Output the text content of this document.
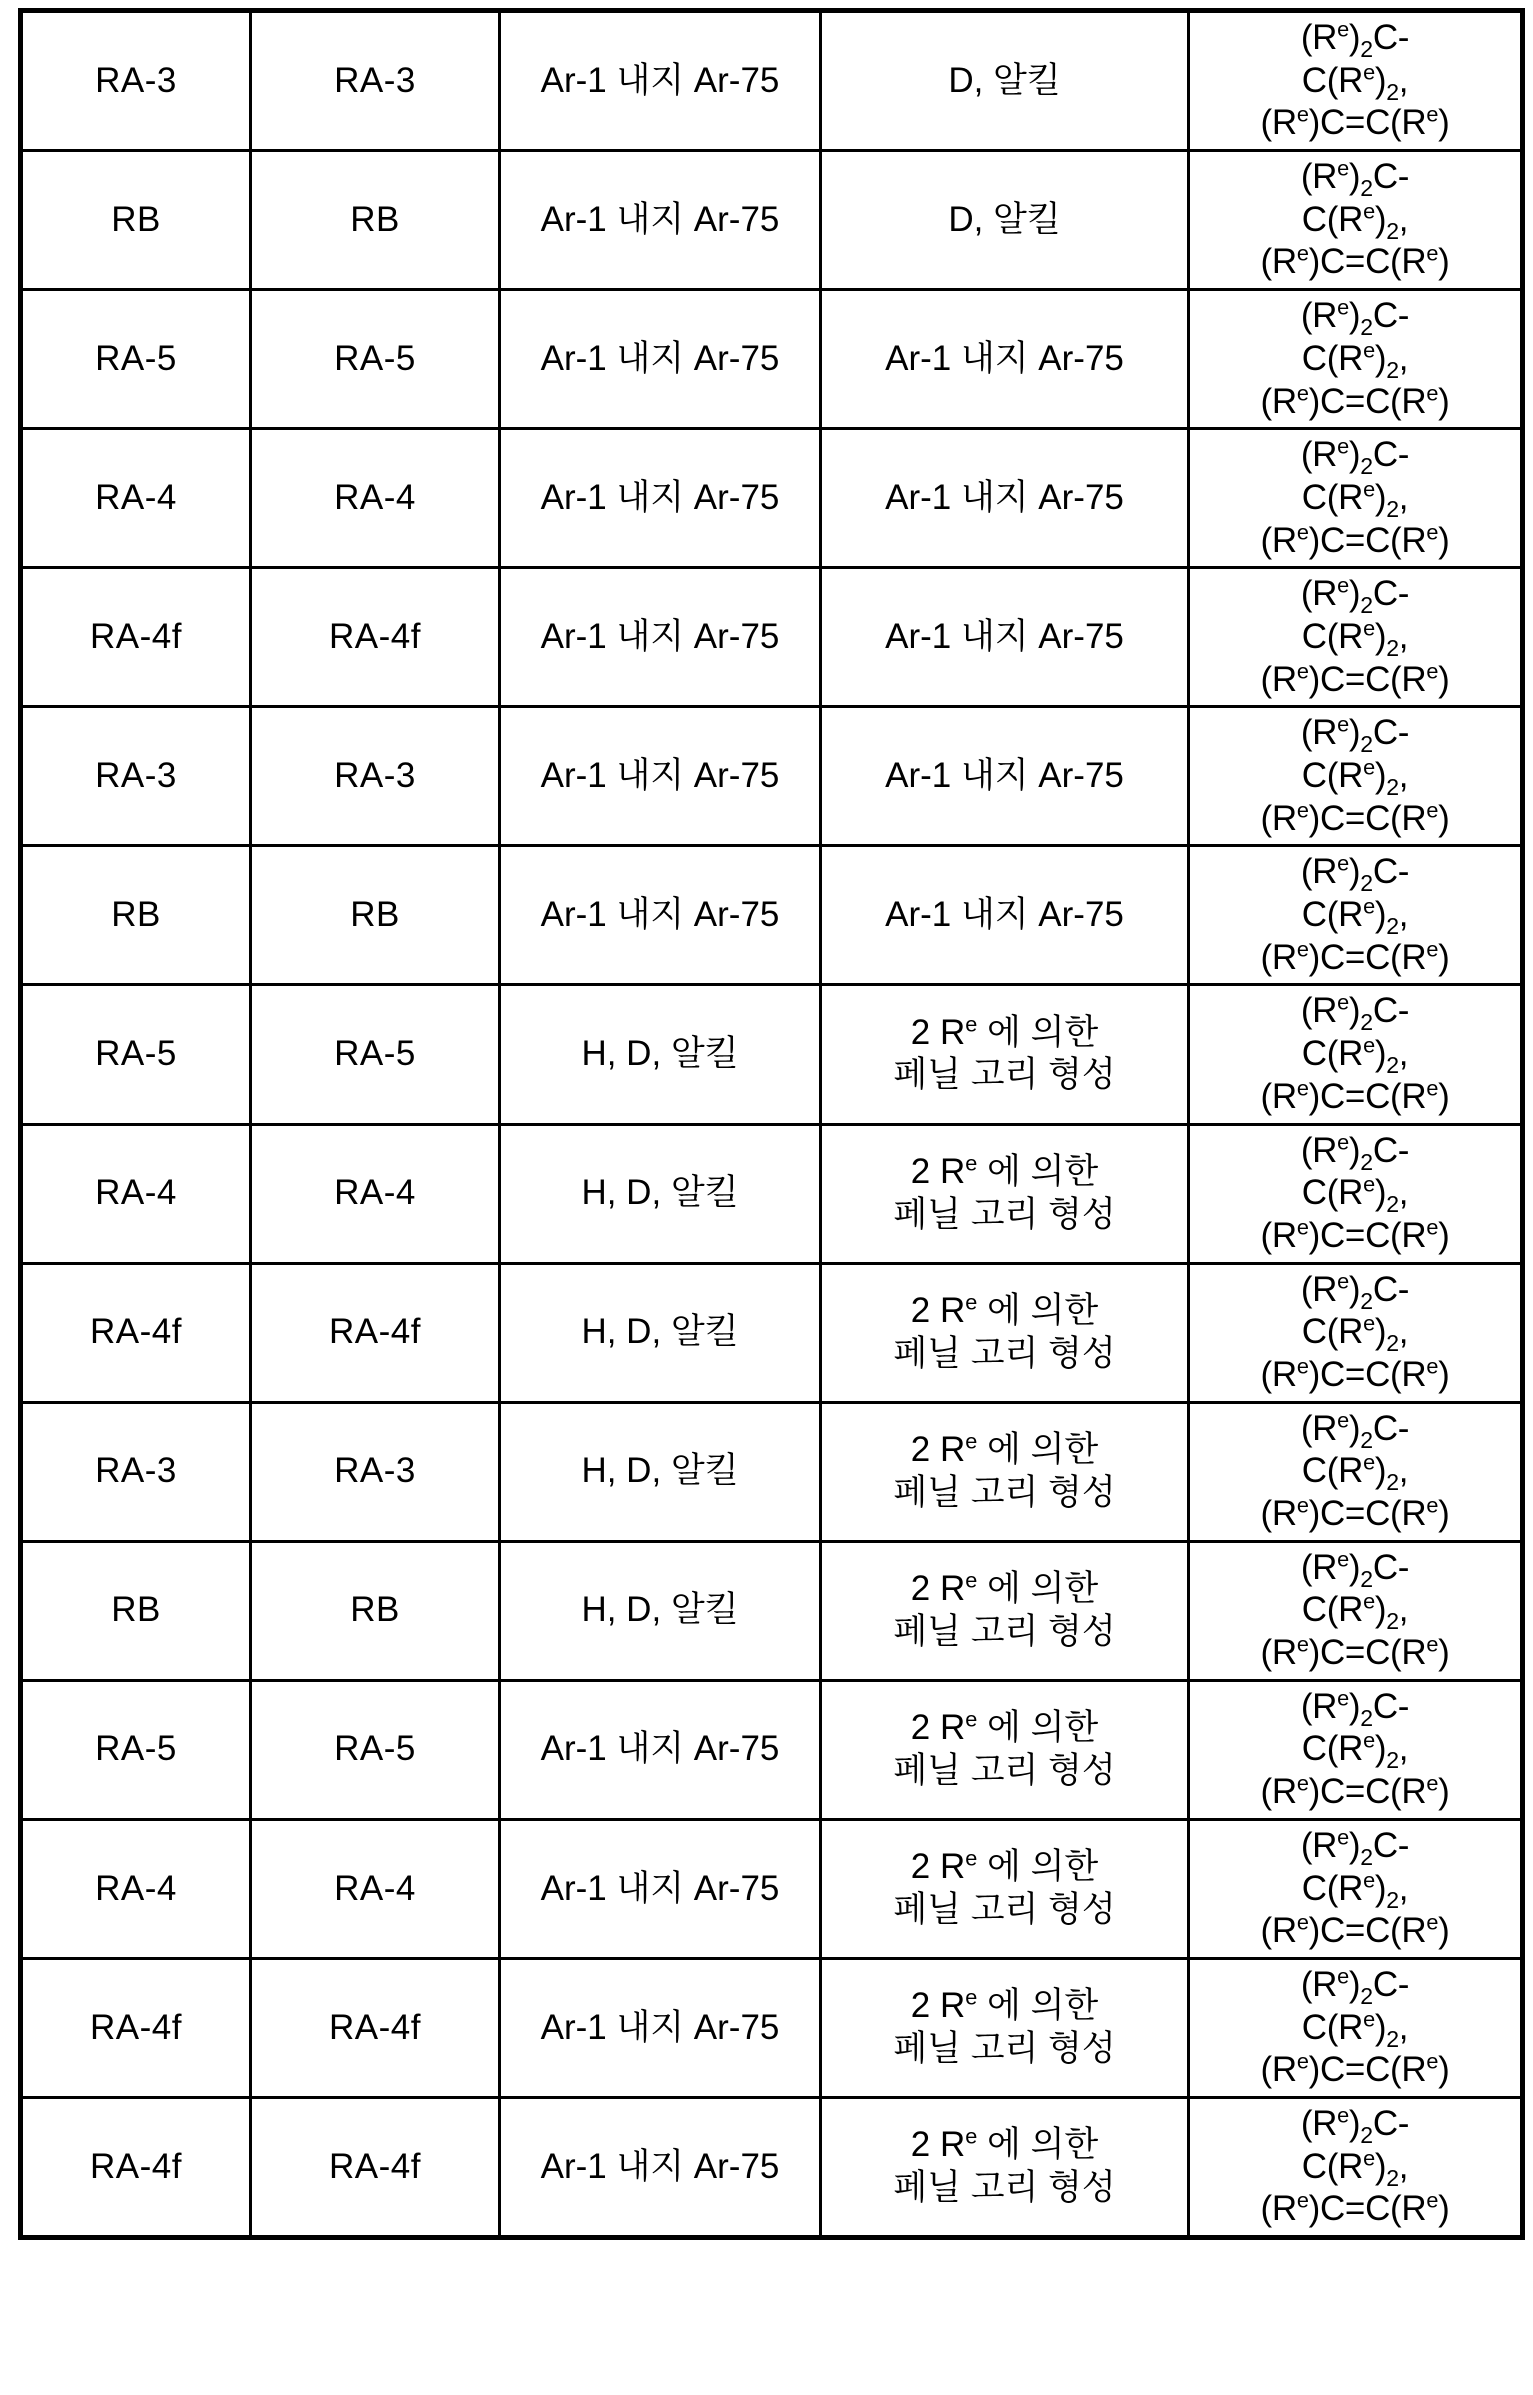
RA-3	RA-3	Ar-1 내지 Ar-75	D, 알킬	$(R^e)_2C-$
$C(R^e)_2$,
$(R^e)C=C(R^e)$

RB	RB	Ar-1 내지 Ar-75	D, 알킬	$(R^e)_2C-$
$C(R^e)_2$,
$(R^e)C=C(R^e)$

RA-5	RA-5	Ar-1 내지 Ar-75	Ar-1 내지 Ar-75	$(R^e)_2C-$
$C(R^e)_2$,
$(R^e)C=C(R^e)$

RA-4	RA-4	Ar-1 내지 Ar-75	Ar-1 내지 Ar-75	$(R^e)_2C-$
$C(R^e)_2$,
$(R^e)C=C(R^e)$

RA-4f	RA-4f	Ar-1 내지 Ar-75	Ar-1 내지 Ar-75	$(R^e)_2C-$
$C(R^e)_2$,
$(R^e)C=C(R^e)$

RA-3	RA-3	Ar-1 내지 Ar-75	Ar-1 내지 Ar-75	$(R^e)_2C-$
$C(R^e)_2$,
$(R^e)C=C(R^e)$

RB	RB	Ar-1 내지 Ar-75	Ar-1 내지 Ar-75	$(R^e)_2C-$
$C(R^e)_2$,
$(R^e)C=C(R^e)$

RA-5	RA-5	H, D, 알킬	2 $R^e$ 에 의한
페닐 고리 형성	$(R^e)_2C-$
$C(R^e)_2$,
$(R^e)C=C(R^e)$

RA-4	RA-4	H, D, 알킬	2 $R^e$ 에 의한
페닐 고리 형성	$(R^e)_2C-$
$C(R^e)_2$,
$(R^e)C=C(R^e)$

RA-4f	RA-4f	H, D, 알킬	2 $R^e$ 에 의한
페닐 고리 형성	$(R^e)_2C-$
$C(R^e)_2$,
$(R^e)C=C(R^e)$

RA-3	RA-3	H, D, 알킬	2 $R^e$ 에 의한
페닐 고리 형성	$(R^e)_2C-$
$C(R^e)_2$,
$(R^e)C=C(R^e)$

RB	RB	H, D, 알킬	2 $R^e$ 에 의한
페닐 고리 형성	$(R^e)_2C-$
$C(R^e)_2$,
$(R^e)C=C(R^e)$

RA-5	RA-5	Ar-1 내지 Ar-75	2 $R^e$ 에 의한
페닐 고리 형성	$(R^e)_2C-$
$C(R^e)_2$,
$(R^e)C=C(R^e)$

RA-4	RA-4	Ar-1 내지 Ar-75	2 $R^e$ 에 의한
페닐 고리 형성	$(R^e)_2C-$
$C(R^e)_2$,
$(R^e)C=C(R^e)$

RA-4f	RA-4f	Ar-1 내지 Ar-75	2 $R^e$ 에 의한
페닐 고리 형성	$(R^e)_2C-$
$C(R^e)_2$,
$(R^e)C=C(R^e)$

RA-4f	RA-4f	Ar-1 내지 Ar-75	2 $R^e$ 에 의한
페닐 고리 형성	$(R^e)_2C-$
$C(R^e)_2$,
$(R^e)C=C(R^e)$
